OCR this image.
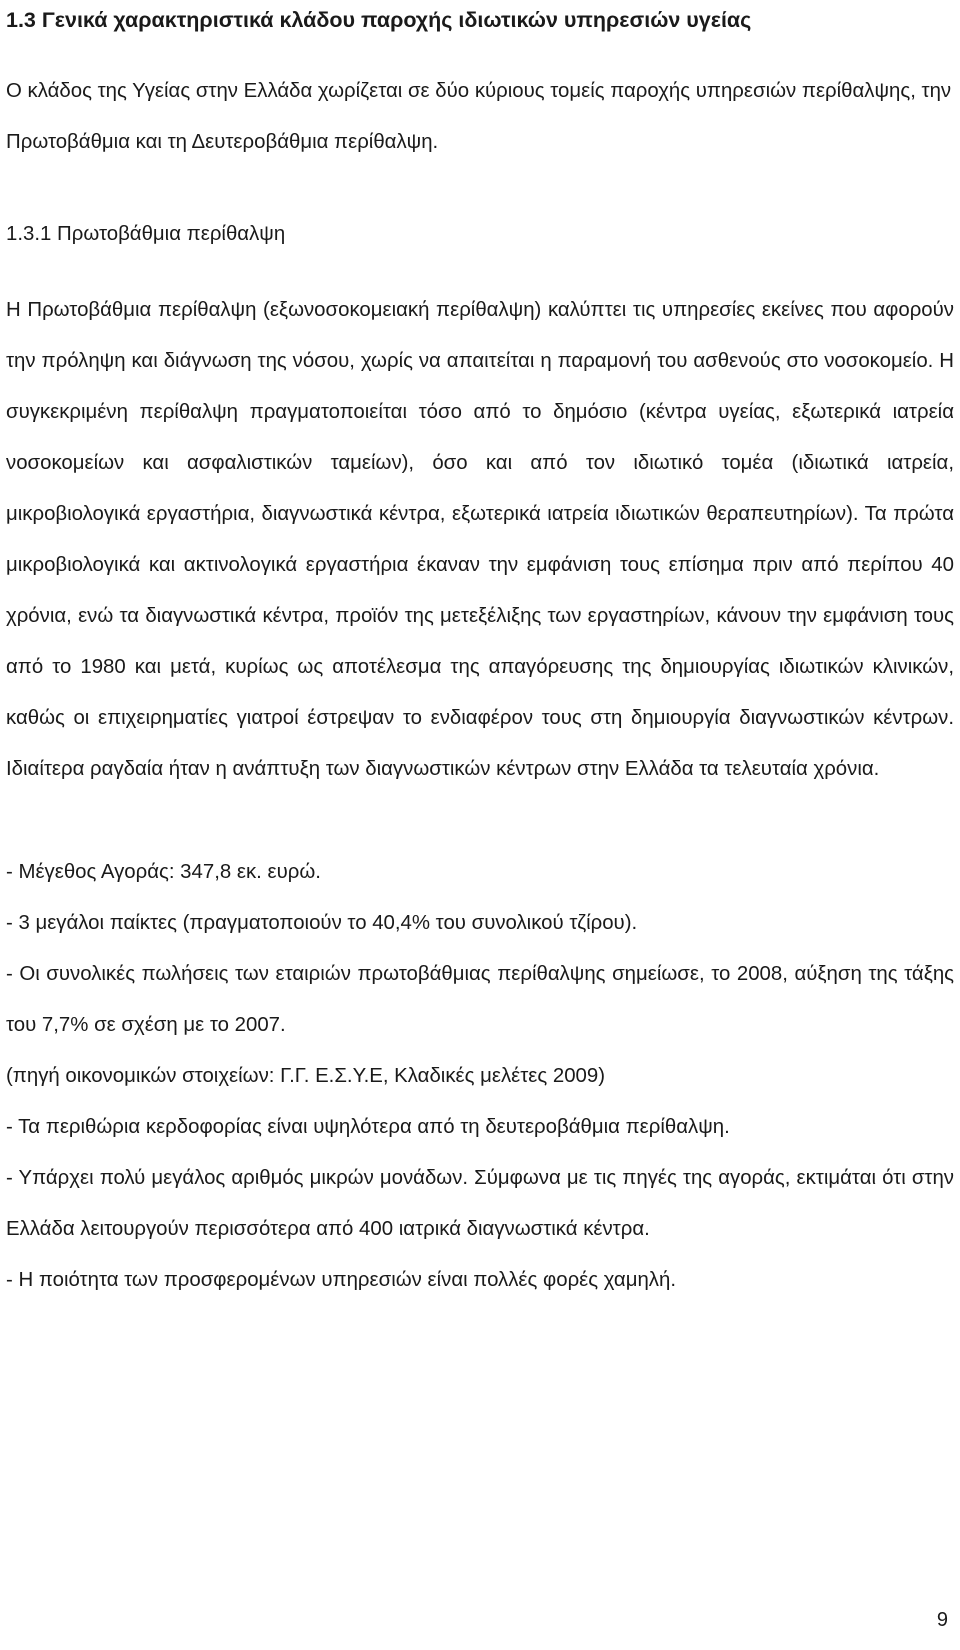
1.3 Γενικά χαρακτηριστικά κλάδου παροχής ιδιωτικών υπηρεσιών υγείας

Ο κλάδος της Υγείας στην Ελλάδα χωρίζεται σε δύο κύριους τομείς παροχής υπηρεσιών περίθαλψης, την Πρωτοβάθμια και τη Δευτεροβάθμια περίθαλψη.

1.3.1 Πρωτοβάθμια περίθαλψη

Η Πρωτοβάθμια περίθαλψη (εξωνοσοκομειακή περίθαλψη) καλύπτει τις υπηρεσίες εκείνες που αφορούν την πρόληψη και διάγνωση της νόσου, χωρίς να απαιτείται η παραμονή του ασθενούς στο νοσοκομείο. Η συγκεκριμένη περίθαλψη πραγματοποιείται τόσο από το δημόσιο (κέντρα υγείας, εξωτερικά ιατρεία νοσοκομείων και ασφαλιστικών ταμείων), όσο και από τον ιδιωτικό τομέα (ιδιωτικά ιατρεία, μικροβιολογικά εργαστήρια, διαγνωστικά κέντρα, εξωτερικά ιατρεία ιδιωτικών θεραπευτηρίων). Τα πρώτα μικροβιολογικά και ακτινολογικά εργαστήρια έκαναν την εμφάνιση τους επίσημα πριν από περίπου 40 χρόνια, ενώ τα διαγνωστικά κέντρα, προϊόν της μετεξέλιξης των εργαστηρίων, κάνουν την εμφάνιση τους από το 1980 και μετά, κυρίως ως αποτέλεσμα της απαγόρευσης της δημιουργίας ιδιωτικών κλινικών, καθώς οι επιχειρηματίες γιατροί έστρεψαν το ενδιαφέρον τους στη δημιουργία διαγνωστικών κέντρων. Ιδιαίτερα ραγδαία ήταν η ανάπτυξη των διαγνωστικών κέντρων στην Ελλάδα τα τελευταία χρόνια.

- Μέγεθος Αγοράς: 347,8 εκ. ευρώ.

- 3 μεγάλοι παίκτες (πραγματοποιούν το 40,4% του συνολικού τζίρου).

- Οι συνολικές πωλήσεις των εταιριών πρωτοβάθμιας περίθαλψης σημείωσε, το 2008, αύξηση της τάξης του 7,7% σε σχέση με το 2007.

(πηγή οικονομικών στοιχείων: Γ.Γ. Ε.Σ.Υ.Ε, Κλαδικές μελέτες 2009)

- Τα περιθώρια κερδοφορίας είναι υψηλότερα από τη δευτεροβάθμια περίθαλψη.

- Υπάρχει πολύ μεγάλος αριθμός μικρών μονάδων. Σύμφωνα με τις πηγές της αγοράς, εκτιμάται ότι στην Ελλάδα λειτουργούν περισσότερα από 400 ιατρικά διαγνωστικά κέντρα.

- Η ποιότητα των προσφερομένων υπηρεσιών είναι πολλές φορές χαμηλή.

9
